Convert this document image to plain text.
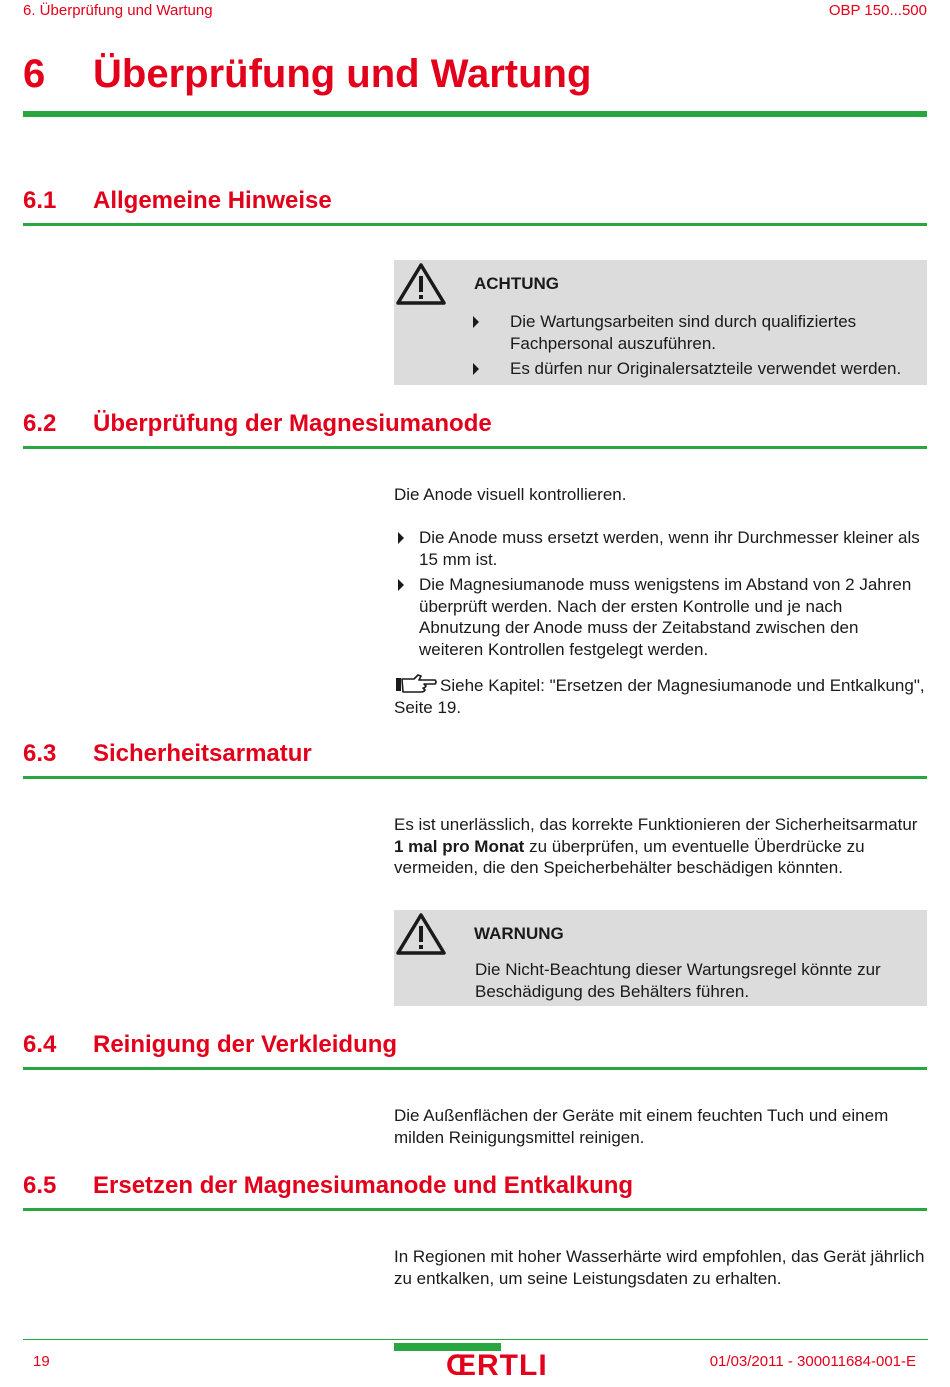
6. Überprüfung und Wartung	OBP 150...500
6 Überprüfung und Wartung
6.1 Allgemeine Hinweise
ACHTUNG
Die Wartungsarbeiten sind durch qualifiziertes Fachpersonal auszuführen.
Es dürfen nur Originalersatzteile verwendet werden.
6.2 Überprüfung der Magnesiumanode
Die Anode visuell kontrollieren.
Die Anode muss ersetzt werden, wenn ihr Durchmesser kleiner als 15 mm ist.
Die Magnesiumanode muss wenigstens im Abstand von 2 Jahren überprüft werden. Nach der ersten Kontrolle und je nach Abnutzung der Anode muss der Zeitabstand zwischen den weiteren Kontrollen festgelegt werden.
Siehe Kapitel: "Ersetzen der Magnesiumanode und Entkalkung", Seite 19.
6.3 Sicherheitsarmatur
Es ist unerlässlich, das korrekte Funktionieren der Sicherheitsarmatur 1 mal pro Monat zu überprüfen, um eventuelle Überdrücke zu vermeiden, die den Speicherbehälter beschädigen könnten.
WARNUNG
Die Nicht-Beachtung dieser Wartungsregel könnte zur Beschädigung des Behälters führen.
6.4 Reinigung der Verkleidung
Die Außenflächen der Geräte mit einem feuchten Tuch und einem milden Reinigungsmittel reinigen.
6.5 Ersetzen der Magnesiumanode und Entkalkung
In Regionen mit hoher Wasserhärte wird empfohlen, das Gerät jährlich zu entkalken, um seine Leistungsdaten zu erhalten.
19	ŒRTLI	01/03/2011 - 300011684-001-E
